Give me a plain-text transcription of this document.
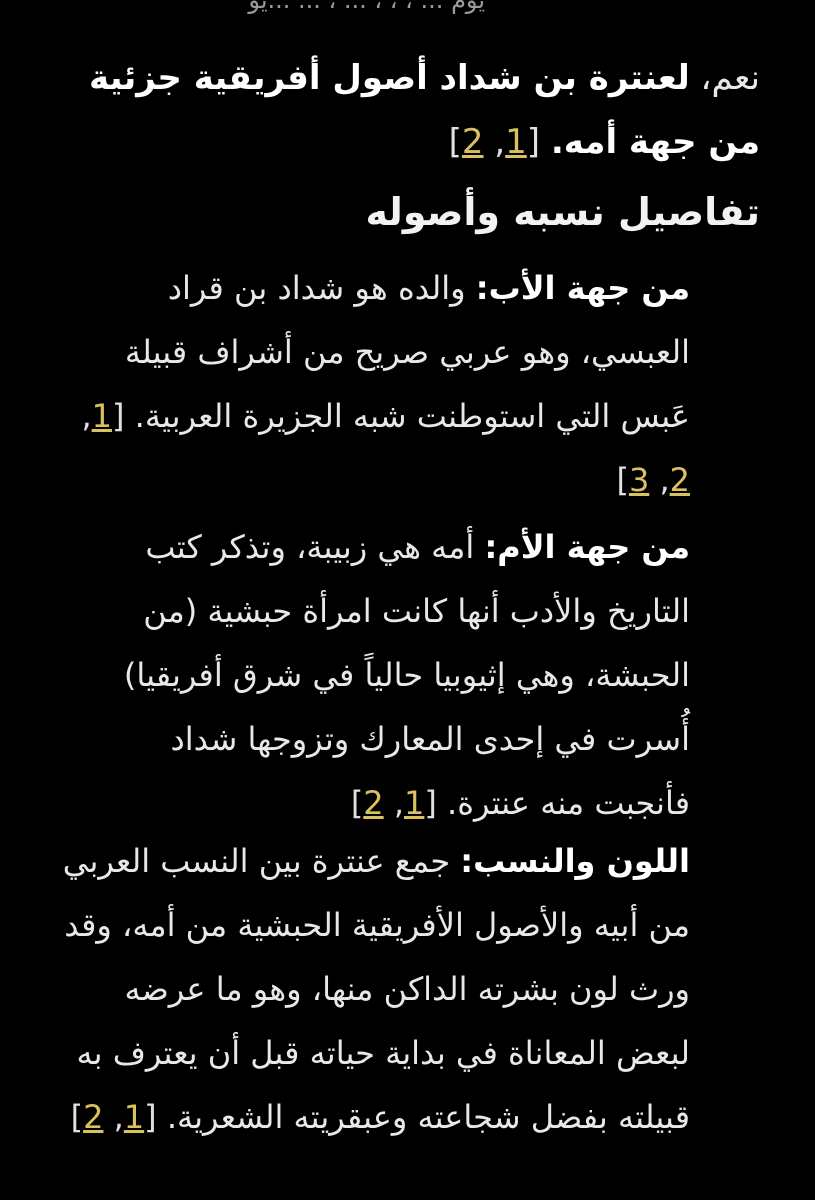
يوم ... ، ، ، ... ، ... ...يو

نعم، لعنترة بن شداد أصول أفريقية جزئية من جهة أمه. [1, 2]

تفاصيل نسبه وأصوله

من جهة الأب: والده هو شداد بن قراد العبسي، وهو عربي صريح من أشراف قبيلة عَبس التي استوطنت شبه الجزيرة العربية. [1, 2, 3]

من جهة الأم: أمه هي زبيبة، وتذكر كتب التاريخ والأدب أنها كانت امرأة حبشية (من الحبشة، وهي إثيوبيا حالياً في شرق أفريقيا) أُسرت في إحدى المعارك وتزوجها شداد فأنجبت منه عنترة. [1, 2]

اللون والنسب: جمع عنترة بين النسب العربي من أبيه والأصول الأفريقية الحبشية من أمه، وقد ورث لون بشرته الداكن منها، وهو ما عرضه لبعض المعاناة في بداية حياته قبل أن يعترف به قبيلته بفضل شجاعته وعبقريته الشعرية. [1, 2]
